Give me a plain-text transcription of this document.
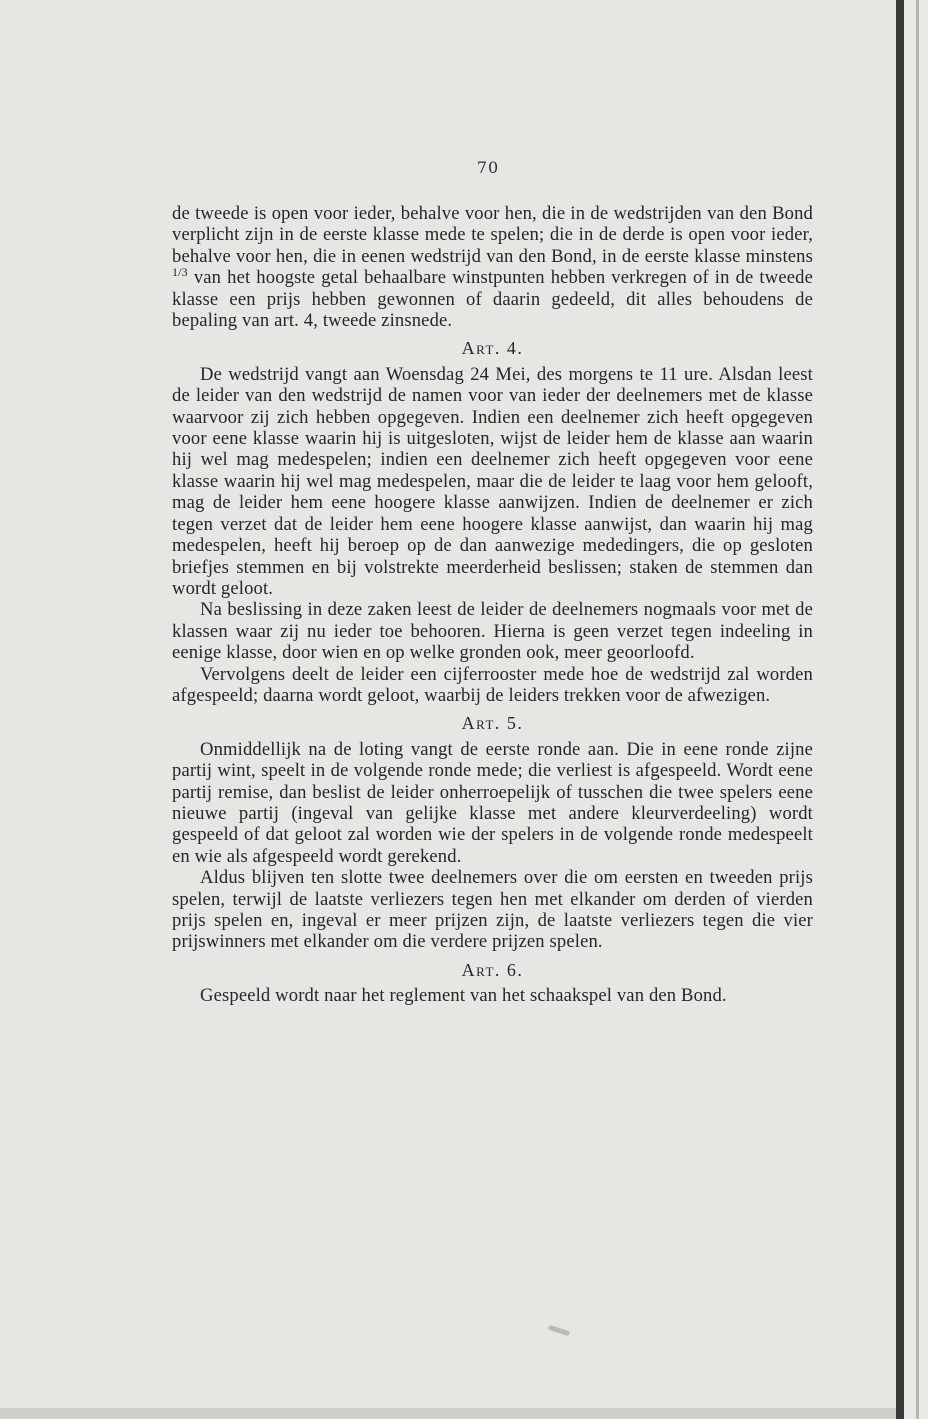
70

de tweede is open voor ieder, behalve voor hen, die in de wedstrijden van den Bond verplicht zijn in de eerste klasse mede te spelen; die in de derde is open voor ieder, behalve voor hen, die in eenen wedstrijd van den Bond, in de eerste klasse minstens $^{1/3}$ van het hoogste getal behaalbare winstpunten hebben verkregen of in de tweede klasse een prijs hebben gewonnen of daarin gedeeld, dit alles behoudens de bepaling van art. 4, tweede zinsnede.

Art. 4.

De wedstrijd vangt aan Woensdag 24 Mei, des morgens te 11 ure. Alsdan leest de leider van den wedstrijd de namen voor van ieder der deelnemers met de klasse waarvoor zij zich hebben opgegeven. Indien een deelnemer zich heeft opgegeven voor eene klasse waarin hij is uitgesloten, wijst de leider hem de klasse aan waarin hij wel mag medespelen; indien een deelnemer zich heeft opgegeven voor eene klasse waarin hij wel mag medespelen, maar die de leider te laag voor hem gelooft, mag de leider hem eene hoogere klasse aanwijzen. Indien de deelnemer er zich tegen verzet dat de leider hem eene hoogere klasse aanwijst, dan waarin hij mag medespelen, heeft hij beroep op de dan aanwezige mededingers, die op gesloten briefjes stemmen en bij volstrekte meerderheid beslissen; staken de stemmen dan wordt geloot.

Na beslissing in deze zaken leest de leider de deelnemers nogmaals voor met de klassen waar zij nu ieder toe behooren. Hierna is geen verzet tegen indeeling in eenige klasse, door wien en op welke gronden ook, meer geoorloofd.

Vervolgens deelt de leider een cijferrooster mede hoe de wedstrijd zal worden afgespeeld; daarna wordt geloot, waarbij de leiders trekken voor de afwezigen.

Art. 5.

Onmiddellijk na de loting vangt de eerste ronde aan. Die in eene ronde zijne partij wint, speelt in de volgende ronde mede; die verliest is afgespeeld. Wordt eene partij remise, dan beslist de leider onherroepelijk of tusschen die twee spelers eene nieuwe partij (ingeval van gelijke klasse met andere kleurverdeeling) wordt gespeeld of dat geloot zal worden wie der spelers in de volgende ronde medespeelt en wie als afgespeeld wordt gerekend.

Aldus blijven ten slotte twee deelnemers over die om eersten en tweeden prijs spelen, terwijl de laatste verliezers tegen hen met elkander om derden of vierden prijs spelen en, ingeval er meer prijzen zijn, de laatste verliezers tegen die vier prijswinners met elkander om die verdere prijzen spelen.

Art. 6.

Gespeeld wordt naar het reglement van het schaakspel van den Bond.
